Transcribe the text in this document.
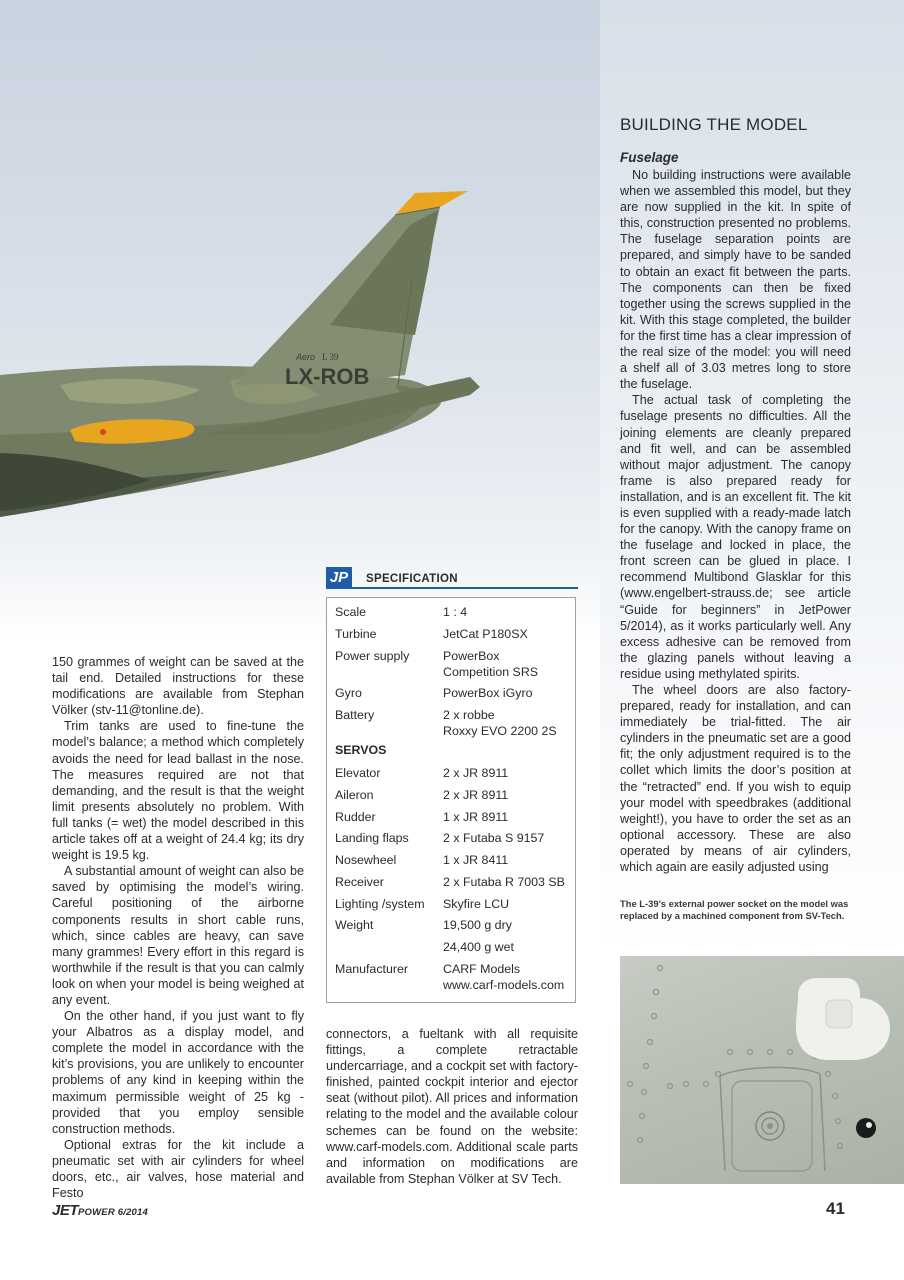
Aero L 39
LX-ROB
BUILDING THE MODEL
Fuselage

150 grammes of weight can be saved at the tail end. Detailed instructions for these modifications are available from Stephan Völker (stv-11@tonline.de).

Trim tanks are used to fine-tune the model’s balance; a method which completely avoids the need for lead ballast in the nose. The measures required are not that demanding, and the result is that the weight limit presents absolutely no problem. With full tanks (= wet) the model described in this article takes off at a weight of 24.4 kg; its dry weight is 19.5 kg.

A substantial amount of weight can also be saved by optimising the model’s wiring. Careful positioning of the airborne components results in short cable runs, which, since cables are heavy, can save many grammes! Every effort in this regard is worthwhile if the result is that you can calmly look on when your model is being weighed at any event.

On the other hand, if you just want to fly your Albatros as a display model, and complete the model in accordance with the kit’s provisions, you are unlikely to encounter problems of any kind in keeping within the maximum permissible weight of 25 kg - provided that you employ sensible construction methods.

Optional extras for the kit include a pneumatic set with air cylinders for wheel doors, etc., air valves, hose material and Festo

connectors, a fueltank with all requisite fittings, a complete retractable undercarriage, and a cockpit set with factory-finished, painted cockpit interior and ejector seat (without pilot). All prices and information relating to the model and the available colour schemes can be found on the website: www.carf-models.com. Additional scale parts and information on modifications are available from Stephan Völker at SV Tech.

No building instructions were available when we assembled this model, but they are now supplied in the kit. In spite of this, construction presented no problems. The fuselage separation points are prepared, and simply have to be sanded to obtain an exact fit between the parts. The components can then be fixed together using the screws supplied in the kit. With this stage completed, the builder for the first time has a clear impression of the real size of the model: you will need a shelf all of 3.03 metres long to store the fuselage.

The actual task of completing the fuselage presents no difficulties. All the joining elements are cleanly prepared and fit well, and can be assembled without major adjustment. The canopy frame is also prepared ready for installation, and is an excellent fit. The kit is even supplied with a ready-made latch for the canopy. With the canopy frame on the fuselage and locked in place, the front screen can be glued in place. I recommend Multibond Glasklar for this (www.engelbert-strauss.de; see article “Guide for beginners” in JetPower 5/2014), as it works particularly well. Any excess adhesive can be removed from the glazing panels without leaving a residue using methylated spirits.

The wheel doors are also factory-prepared, ready for installation, and can immediately be trial-fitted. The air cylinders in the pneumatic set are a good fit; the only adjustment required is to the collet which limits the door’s position at the “retracted” end. If you wish to equip your model with speedbrakes (additional weight!), you have to order the set as an optional accessory. These are also operated by means of air cylinders, which again are easily adjusted using

JP	SPECIFICATION
Scale	1 : 4
Turbine	JetCat P180SX
Power supply	PowerBox
Competition SRS
Gyro	PowerBox iGyro
Battery	2 x robbe
Roxxy EVO 2200 2S
SERVOS
Elevator	2 x JR 8911
Aileron	2 x JR 8911
Rudder	1 x JR 8911
Landing flaps	2 x Futaba S 9157
Nosewheel	1 x JR 8411
Receiver	2 x Futaba R 7003 SB
Lighting /system	Skyfire LCU
Weight	19,500 g dry
24,400 g wet
Manufacturer	CARF Models
www.carf-models.com
The L-39’s external power socket on the model was replaced by a machined component from SV-Tech.
JETPOWER 6/2014	41
